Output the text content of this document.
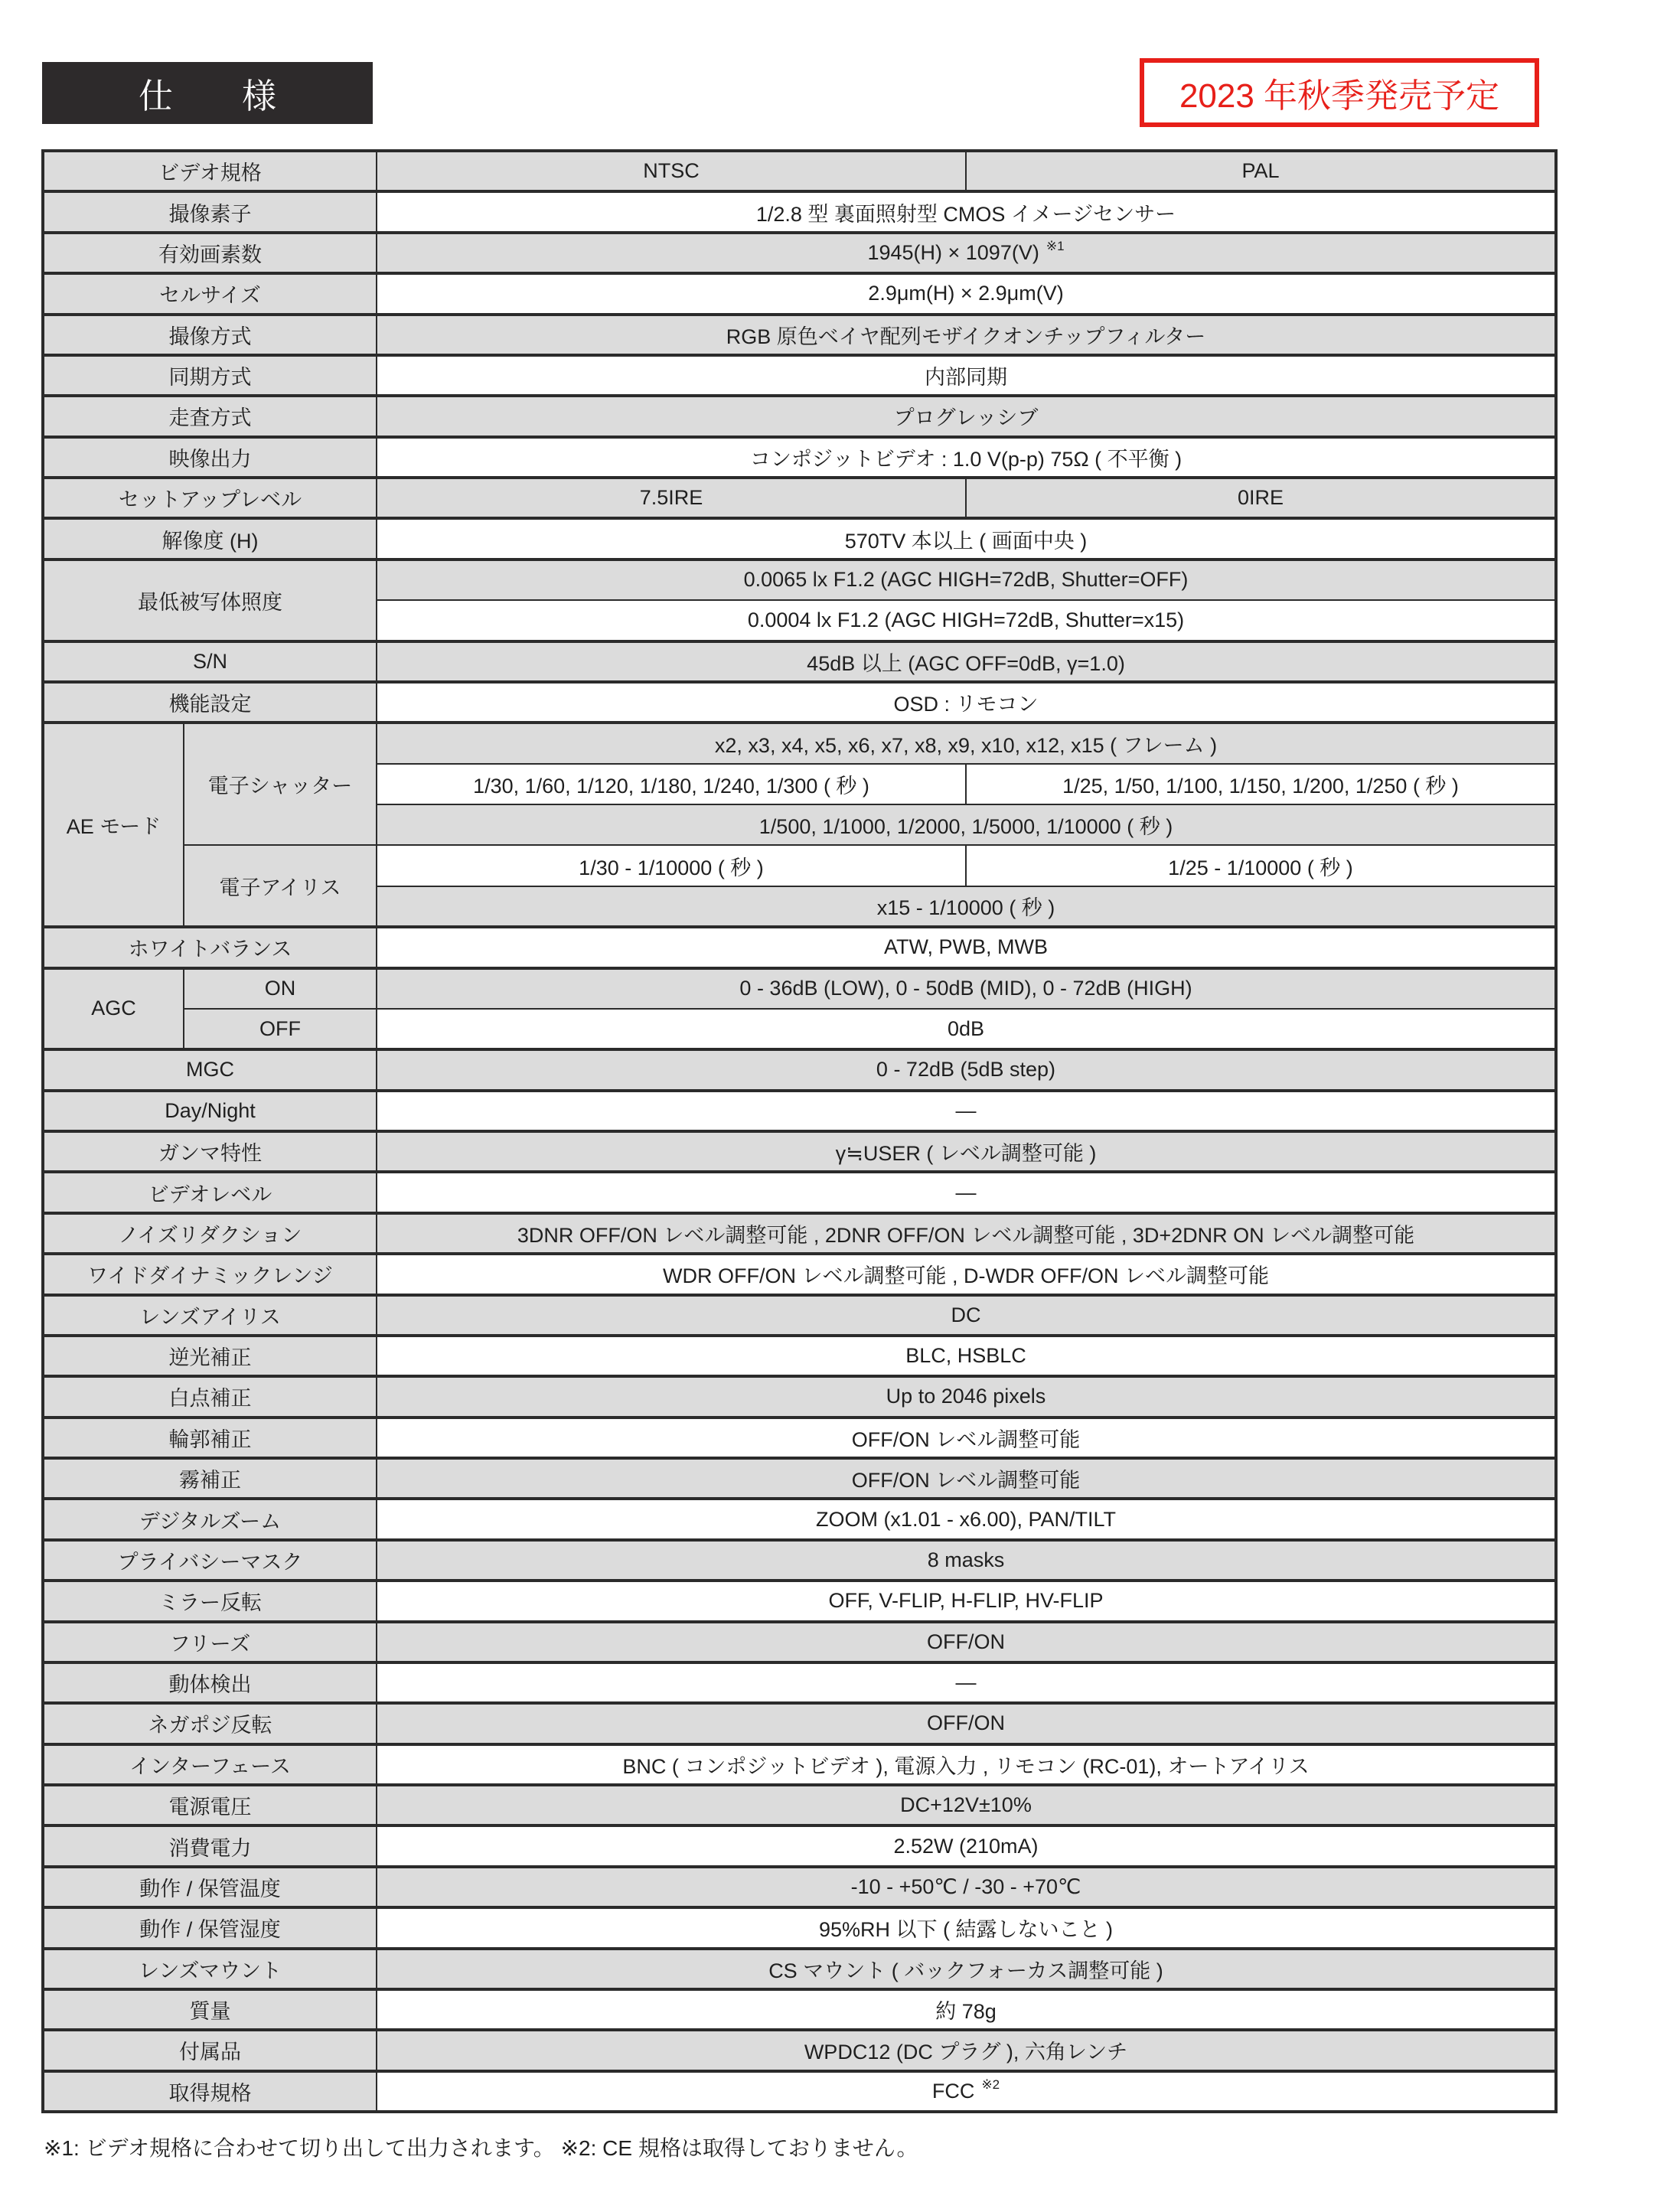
仕　　様	2023 年秋季発売予定
ビデオ規格		NTSC	PAL
撮像素子		1/2.8 型 裏面照射型 CMOS イメージセンサー	
有効画素数		1945(H) × 1097(V) $^{※1}$
セルサイズ		2.9μm(H) × 2.9μm(V)	
撮像方式		RGB 原色ベイヤ配列モザイクオンチップフィルター	
同期方式		内部同期	
走査方式		プログレッシブ	
映像出力		コンポジットビデオ : 1.0 V(p-p) 75Ω ( 不平衡 )	
セットアップレベル		7.5IRE	0IRE
解像度 (H)		570TV 本以上 ( 画面中央 )	
最低被写体照度		0.0065 lx F1.2 (AGC HIGH=72dB, Shutter=OFF)	
		0.0004 lx F1.2 (AGC HIGH=72dB, Shutter=x15)	
S/N		45dB 以上 (AGC OFF=0dB, γ=1.0)	
機能設定		OSD : リモコン	
AE モード	電子シャッター	x2, x3, x4, x5, x6, x7, x8, x9, x10, x12, x15 ( フレーム )	
		1/30, 1/60, 1/120, 1/180, 1/240, 1/300 ( 秒 )	1/25, 1/50, 1/100, 1/150, 1/200, 1/250 ( 秒 )
		1/500, 1/1000, 1/2000, 1/5000, 1/10000 ( 秒 )	
	電子アイリス	1/30 - 1/10000 ( 秒 )	1/25 - 1/10000 ( 秒 )
		x15 - 1/10000 ( 秒 )	
ホワイトバランス		ATW, PWB, MWB	
AGC	ON	0 - 36dB (LOW), 0 - 50dB (MID), 0 - 72dB (HIGH)	
	OFF	0dB	
MGC		0 - 72dB (5dB step)	
Day/Night		―	
ガンマ特性		γ≒USER ( レベル調整可能 )	
ビデオレベル		―	
ノイズリダクション		3DNR OFF/ON レベル調整可能 , 2DNR OFF/ON レベル調整可能 , 3D+2DNR ON レベル調整可能	
ワイドダイナミックレンジ		WDR OFF/ON レベル調整可能 , D-WDR OFF/ON レベル調整可能	
レンズアイリス		DC	
逆光補正		BLC, HSBLC	
白点補正		Up to 2046 pixels	
輪郭補正		OFF/ON レベル調整可能	
霧補正		OFF/ON レベル調整可能	
デジタルズーム		ZOOM (x1.01 - x6.00), PAN/TILT	
プライバシーマスク		8 masks	
ミラー反転		OFF, V-FLIP, H-FLIP, HV-FLIP	
フリーズ		OFF/ON	
動体検出		―	
ネガポジ反転		OFF/ON	
インターフェース		BNC ( コンポジットビデオ ), 電源入力 , リモコン (RC-01), オートアイリス	
電源電圧		DC+12V±10%	
消費電力		2.52W (210mA)	
動作 / 保管温度		-10 - +50℃ / -30 - +70℃	
動作 / 保管湿度		95%RH 以下 ( 結露しないこと )	
レンズマウント		CS マウント ( バックフォーカス調整可能 )	
質量		約 78g	
付属品		WPDC12 (DC プラグ ), 六角レンチ	
取得規格		FCC $^{※2}$
※1: ビデオ規格に合わせて切り出して出力されます。 ※2: CE 規格は取得しておりません。
